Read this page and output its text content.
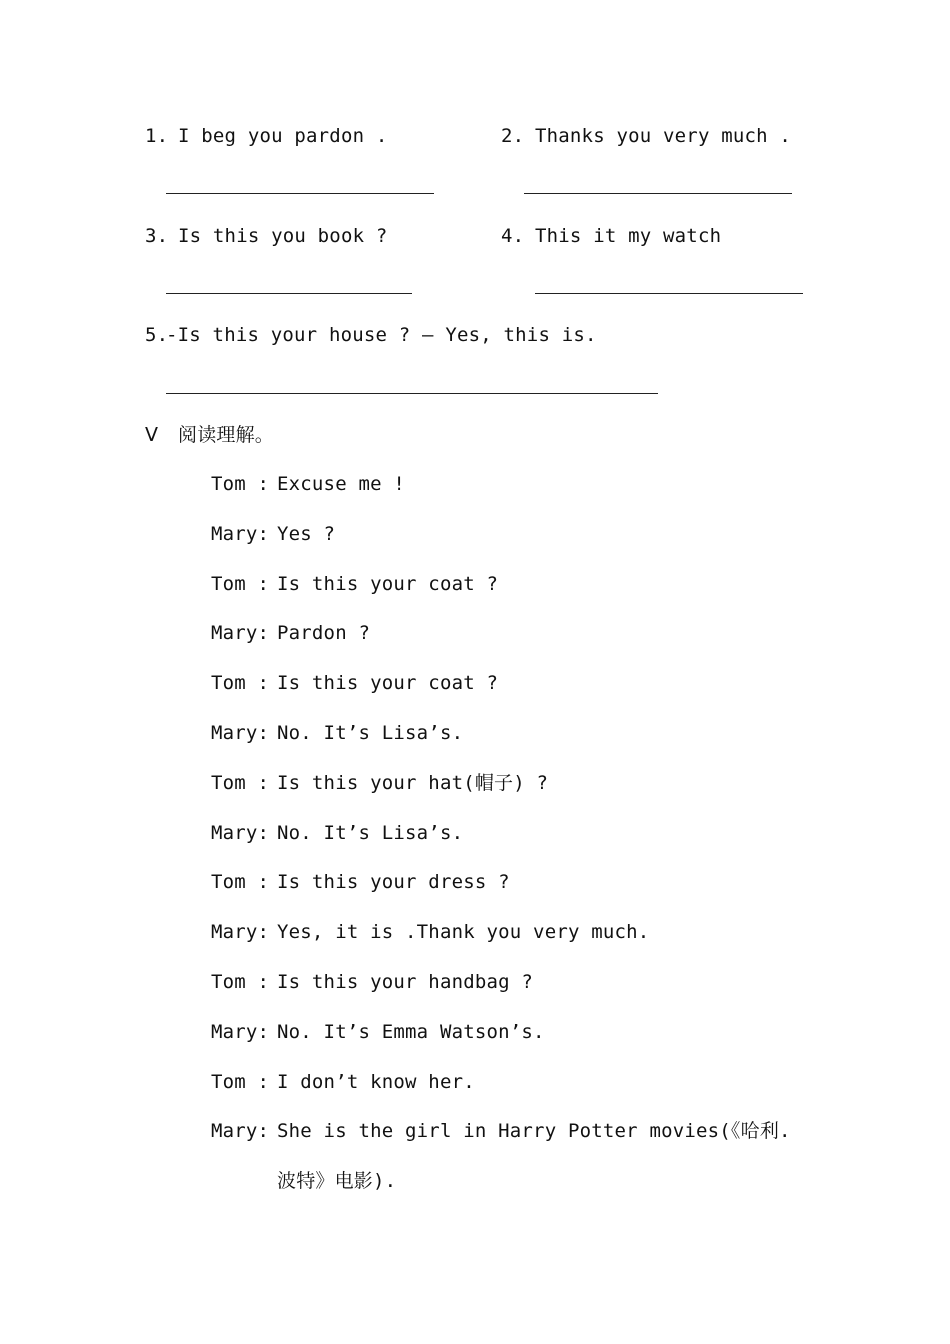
1. I beg you pardon .	2. Thanks you very much .
3. Is this you book ?	4. This it my watch
5.
-Is this your house ? – Yes, this is.
Ⅴ 阅读理解。
Tom : Excuse me !
Mary: Yes ?
Tom : Is this your coat ?
Mary: Pardon ?
Tom : Is this your coat ?
Mary: No. It’s Lisa’s.
Tom : Is this your hat(帽子) ?
Mary: No. It’s Lisa’s.
Tom : Is this your dress ?
Mary: Yes, it is .Thank you very much.
Tom : Is this your handbag ?
Mary: No. It’s Emma Watson’s.
Tom : I don’t know her.
Mary: She is the girl in Harry Potter movies(《哈利.
波特》电影).
